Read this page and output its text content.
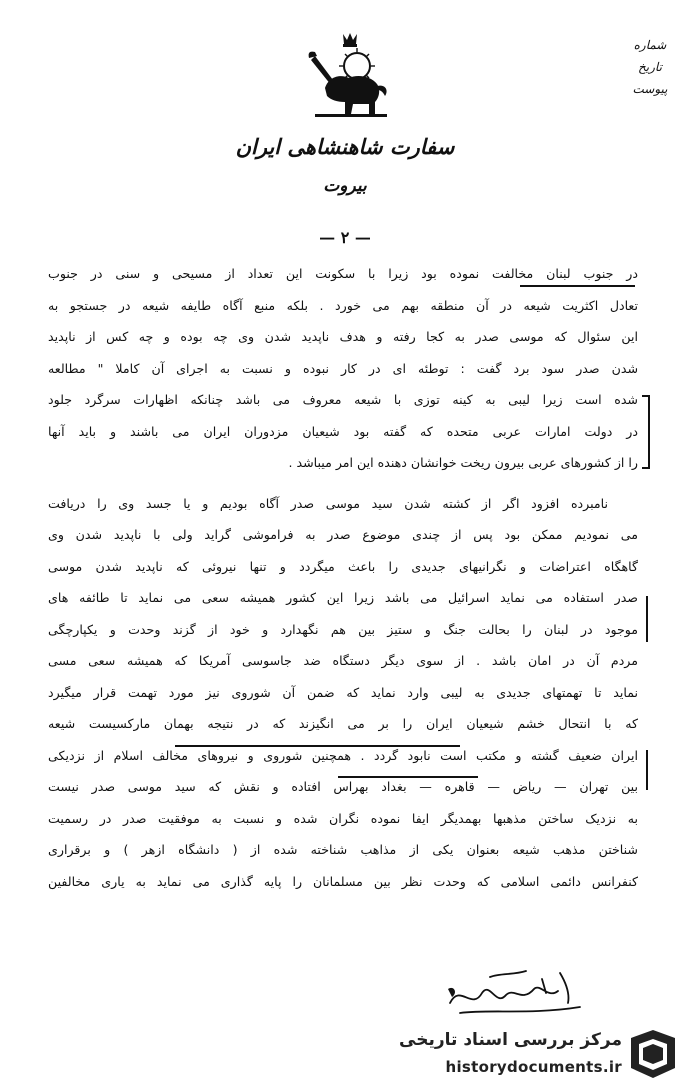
شماره
تاریخ
پیوست
سفارت شاهنشاهی ایران
بیروت
— ۲ —
در جنوب لبنان مخالفت نموده بود زیرا با سکونت این تعداد از مسیحی و سنی در جنوب
تعادل اکثریت شیعه در آن منطقه بهم می خورد . بلکه منبع آگاه طایفه شیعه در جستجو به
این سئوال که موسی صدر به کجا رفته و هدف ناپدید شدن وی چه بوده و چه کس از ناپدید
شدن صدر سود برد گفت : توطئه ای در کار نبوده و نسبت به اجرای آن کاملا " مطالعه
شده است زیرا لیبی به کینه توزی با شیعه معروف می باشد چنانکه اظهارات سرگرد جلود
در دولت امارات عربی متحده که گفته بود شیعیان مزدوران ایران می باشند و باید آنها
را از کشورهای عربی بیرون ریخت خوانشان دهنده این امر میباشد .
نامبرده افزود اگر از کشته شدن سید موسی صدر آگاه بودیم و یا جسد وی را دریافت
می نمودیم ممکن بود پس از چندی موضوع صدر به فراموشی گراید ولی با ناپدید شدن وی
گاهگاه اعتراضات و نگرانیهای جدیدی را باعث میگردد و تنها نیروئی که ناپدید شدن موسی
صدر استفاده می نماید اسرائیل می باشد زیرا این کشور همیشه سعی می نماید تا طائفه های
موجود در لبنان را بحالت جنگ و ستیز بین هم نگهدارد و خود از گزند وحدت و یکپارچگی
مردم آن در امان باشد . از سوی دیگر دستگاه ضد جاسوسی آمریکا که همیشه سعی مسی
نماید تا تهمتهای جدیدی به لیبی وارد نماید که ضمن آن شوروی نیز مورد تهمت قرار میگیرد
که با انتحال خشم شیعیان ایران را بر می انگیزند که در نتیجه بهمان مارکسیست شیعه
ایران ضعیف گشته و مکتب است نابود گردد . همچنین شوروی و نیروهای مخالف اسلام از نزدیکی
بین تهران — ریاض — قاهره — بغداد بهراس افتاده و نقش که سید موسی صدر نیست
به نزدیک ساختن مذهبها بهمدیگر ایفا نموده نگران شده و نسبت به موفقیت صدر در رسمیت
شناختن مذهب شیعه بعنوان یکی از مذاهب شناخته شده از ( دانشگاه ازهر ) و برقراری
کنفرانس دائمی اسلامی که وحدت نظر بین مسلمانان را پایه گذاری می نماید به یاری مخالفین
مرکز بررسی اسناد تاریخی
historydocuments.ir
